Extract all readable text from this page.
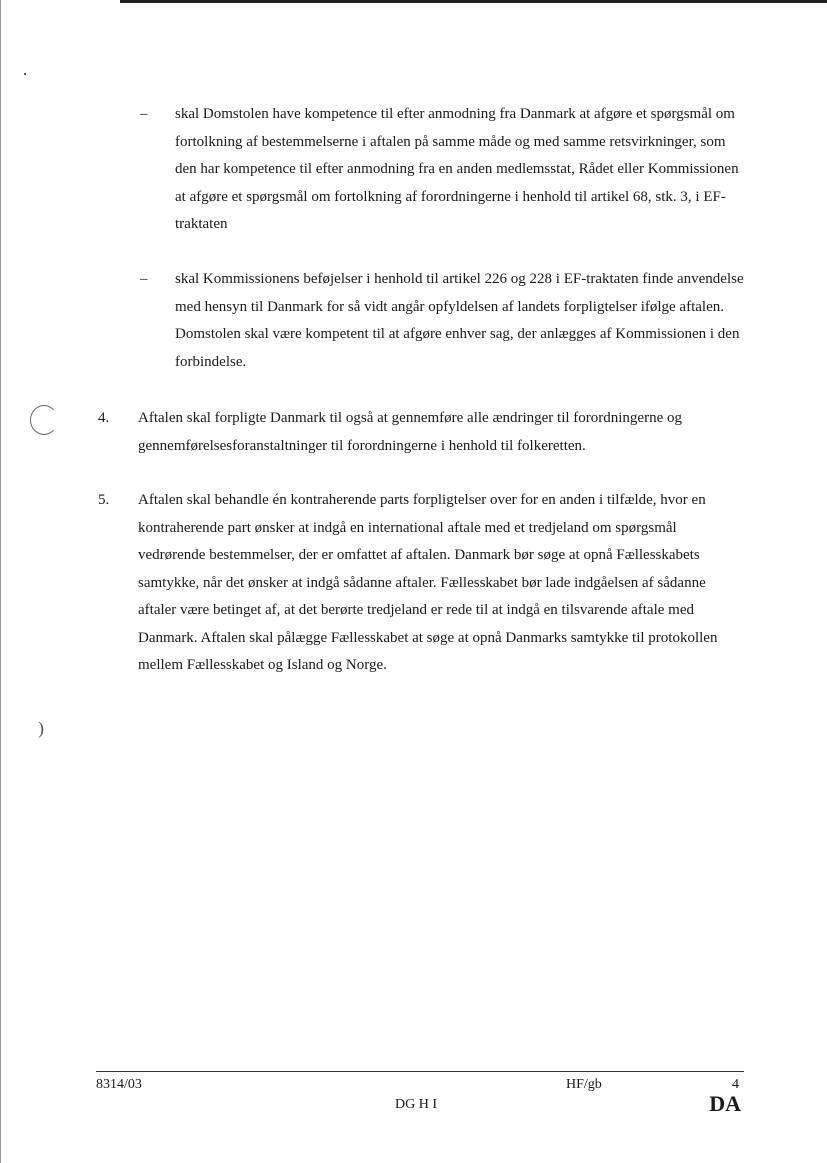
)
– skal Domstolen have kompetence til efter anmodning fra Danmark at afgøre et spørgsmål om fortolkning af bestemmelserne i aftalen på samme måde og med samme retsvirkninger, som den har kompetence til efter anmodning fra en anden medlemsstat, Rådet eller Kommissionen at afgøre et spørgsmål om fortolkning af forordningerne i henhold til artikel 68, stk. 3, i EF-traktaten
– skal Kommissionens beføjelser i henhold til artikel 226 og 228 i EF-traktaten finde anvendelse med hensyn til Danmark for så vidt angår opfyldelsen af landets forpligtelser ifølge aftalen. Domstolen skal være kompetent til at afgøre enhver sag, der anlægges af Kommissionen i den forbindelse.
4. Aftalen skal forpligte Danmark til også at gennemføre alle ændringer til forordningerne og gennemførelsesforanstaltninger til forordningerne i henhold til folkeretten.
5. Aftalen skal behandle én kontraherende parts forpligtelser over for en anden i tilfælde, hvor en kontraherende part ønsker at indgå en international aftale med et tredjeland om spørgsmål vedrørende bestemmelser, der er omfattet af aftalen. Danmark bør søge at opnå Fællesskabets samtykke, når det ønsker at indgå sådanne aftaler. Fællesskabet bør lade indgåelsen af sådanne aftaler være betinget af, at det berørte tredjeland er rede til at indgå en tilsvarende aftale med Danmark. Aftalen skal pålægge Fællesskabet at søge at opnå Danmarks samtykke til protokollen mellem Fællesskabet og Island og Norge.
8314/03	HF/gb	4
DG H I	DA
